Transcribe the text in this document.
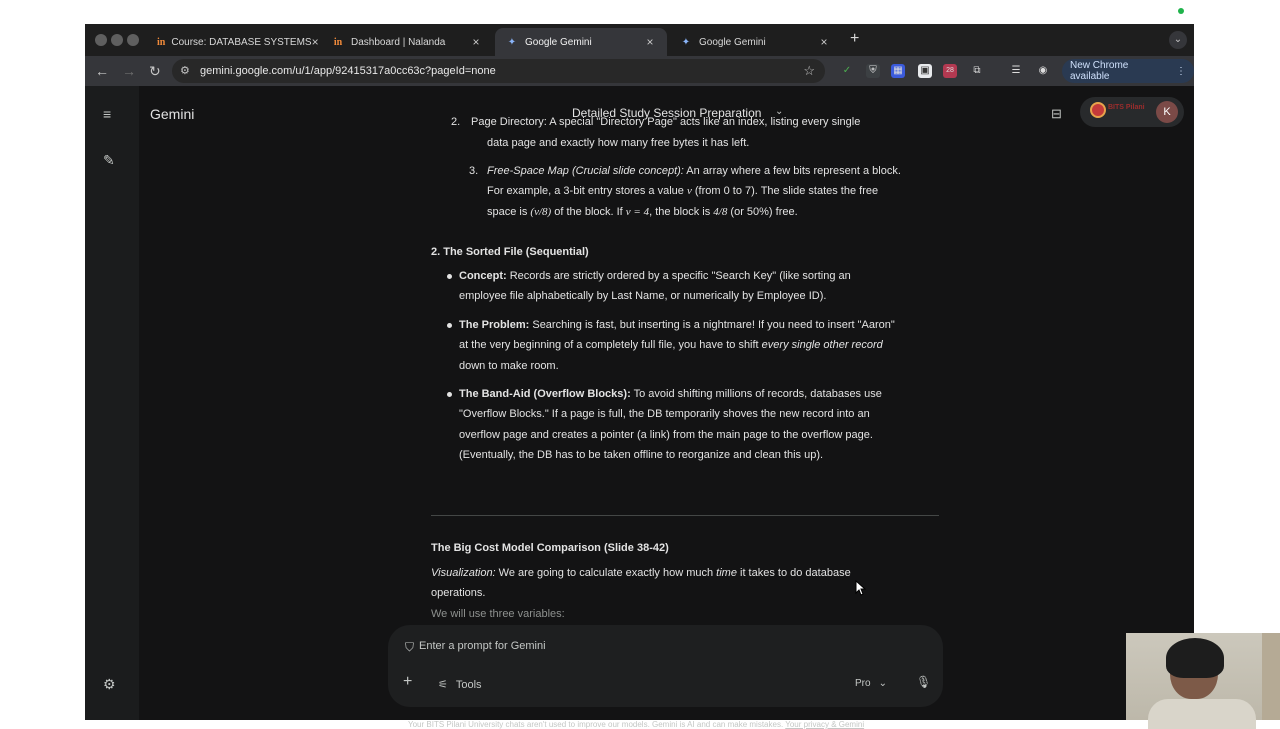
in Course: DATABASE SYSTEMS × in Dashboard | Nalanda	×	✦ Google Gemini	×	✦ Google Gemini	× +	⌄
← → ↻ ⚙ gemini.google.com/u/1/app/92415317a0cc63c?pageId=none	☆	✓	⛨	▦ ▣	28	⧉	☰ ◉ New Chrome available	⋮
≡
✎
⚙
Gemini	Detailed Study Session Preparation ⌄	⊟	BITS Pilani	K
2. Page Directory: A special "Directory Page" acts like an index, listing every single
data page and exactly how many free bytes it has left.
3. Free-Space Map (Crucial slide concept): An array where a few bits represent a block.
For example, a 3-bit entry stores a value v (from 0 to 7). The slide states the free
space is (v/8) of the block. If v = 4, the block is 4/8 (or 50%) free.
2. The Sorted File (Sequential)
Concept: Records are strictly ordered by a specific "Search Key" (like sorting an
employee file alphabetically by Last Name, or numerically by Employee ID).
The Problem: Searching is fast, but inserting is a nightmare! If you need to insert "Aaron"
at the very beginning of a completely full file, you have to shift every single other record
down to make room.
The Band-Aid (Overflow Blocks): To avoid shifting millions of records, databases use
"Overflow Blocks." If a page is full, the DB temporarily shoves the new record into an
overflow page and creates a pointer (a link) from the main page to the overflow page.
(Eventually, the DB has to be taken offline to reorganize and clean this up).
The Big Cost Model Comparison (Slide 38-42)
Visualization: We are going to calculate exactly how much time it takes to do database
operations.
We will use three variables:
⛉
Enter a prompt for Gemini
+ ⚟ Tools	Pro ⌄ 🎙
Your BITS Pilani University chats aren't used to improve our models. Gemini is AI and can make mistakes. Your privacy & Gemini
